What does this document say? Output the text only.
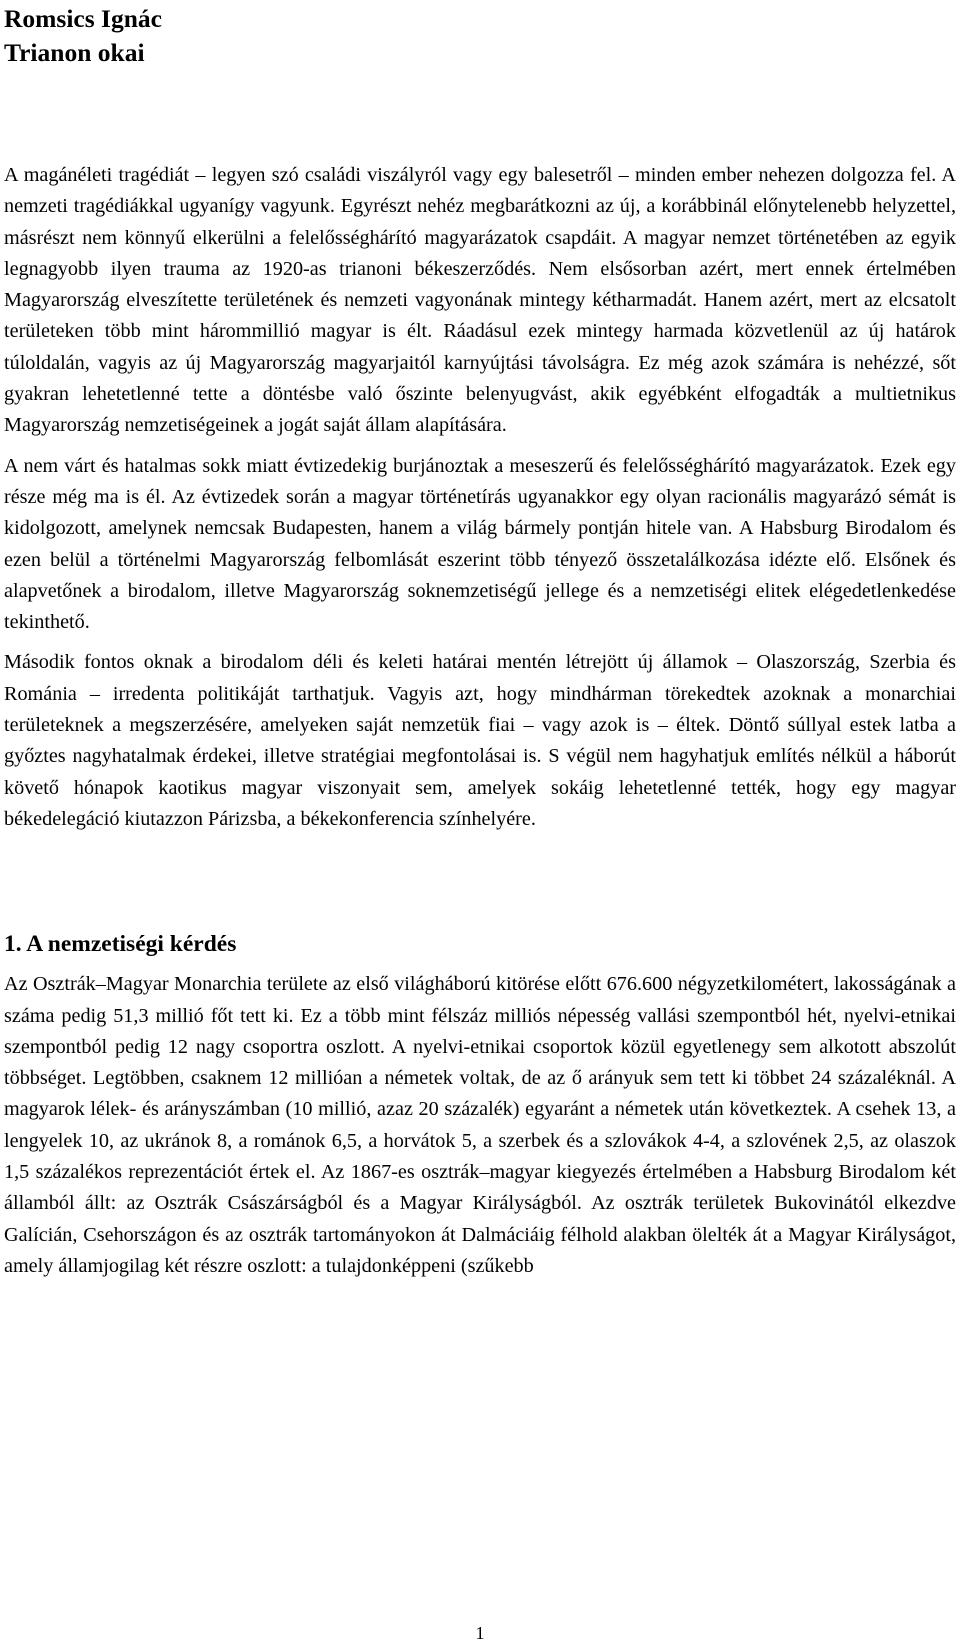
Romsics Ignác
Trianon okai

A magánéleti tragédiát – legyen szó családi viszályról vagy egy balesetről – minden ember nehezen dolgozza fel. A nemzeti tragédiákkal ugyanígy vagyunk. Egyrészt nehéz megbarátkozni az új, a korábbinál előnytelenebb helyzettel, másrészt nem könnyű elkerülni a felelősséghárító magyarázatok csapdáit. A magyar nemzet történetében az egyik legnagyobb ilyen trauma az 1920-as trianoni békeszerződés. Nem elsősorban azért, mert ennek értelmében Magyarország elveszítette területének és nemzeti vagyonának mintegy kétharmadát. Hanem azért, mert az elcsatolt területeken több mint hárommillió magyar is élt. Ráadásul ezek mintegy harmada közvetlenül az új határok túloldalán, vagyis az új Magyarország magyarjaitól karnyújtási távolságra. Ez még azok számára is nehézzé, sőt gyakran lehetetlenné tette a döntésbe való őszinte belenyugvást, akik egyébként elfogadták a multietnikus Magyarország nemzetiségeinek a jogát saját állam alapítására.

A nem várt és hatalmas sokk miatt évtizedekig burjánoztak a meseszerű és felelősséghárító magyarázatok. Ezek egy része még ma is él. Az évtizedek során a magyar történetírás ugyanakkor egy olyan racionális magyarázó sémát is kidolgozott, amelynek nemcsak Budapesten, hanem a világ bármely pontján hitele van. A Habsburg Birodalom és ezen belül a történelmi Magyarország felbomlását eszerint több tényező összetalálkozása idézte elő. Elsőnek és alapvetőnek a birodalom, illetve Magyarország soknemzetiségű jellege és a nemzetiségi elitek elégedetlenkedése tekinthető.

Második fontos oknak a birodalom déli és keleti határai mentén létrejött új államok – Olaszország, Szerbia és Románia – irredenta politikáját tarthatjuk. Vagyis azt, hogy mindhárman törekedtek azoknak a monarchiai területeknek a megszerzésére, amelyeken saját nemzetük fiai – vagy azok is – éltek. Döntő súllyal estek latba a győztes nagyhatalmak érdekei, illetve stratégiai megfontolásai is. S végül nem hagyhatjuk említés nélkül a háborút követő hónapok kaotikus magyar viszonyait sem, amelyek sokáig lehetetlenné tették, hogy egy magyar békedelegáció kiutazzon Párizsba, a békekonferencia színhelyére.

1. A nemzetiségi kérdés

Az Osztrák–Magyar Monarchia területe az első világháború kitörése előtt 676.600 négyzetkilométert, lakosságának a száma pedig 51,3 millió főt tett ki. Ez a több mint félszáz milliós népesség vallási szempontból hét, nyelvi-etnikai szempontból pedig 12 nagy csoportra oszlott. A nyelvi-etnikai csoportok közül egyetlenegy sem alkotott abszolút többséget. Legtöbben, csaknem 12 millióan a németek voltak, de az ő arányuk sem tett ki többet 24 százaléknál. A magyarok lélek- és arányszámban (10 millió, azaz 20 százalék) egyaránt a németek után következtek. A csehek 13, a lengyelek 10, az ukránok 8, a románok 6,5, a horvátok 5, a szerbek és a szlovákok 4-4, a szlovének 2,5, az olaszok 1,5 százalékos reprezentációt értek el. Az 1867-es osztrák–magyar kiegyezés értelmében a Habsburg Birodalom két államból állt: az Osztrák Császárságból és a Magyar Királyságból. Az osztrák területek Bukovinától elkezdve Galícián, Csehországon és az osztrák tartományokon át Dalmáciáig félhold alakban ölelték át a Magyar Királyságot, amely államjogilag két részre oszlott: a tulajdonképpeni (szűkebb

1
